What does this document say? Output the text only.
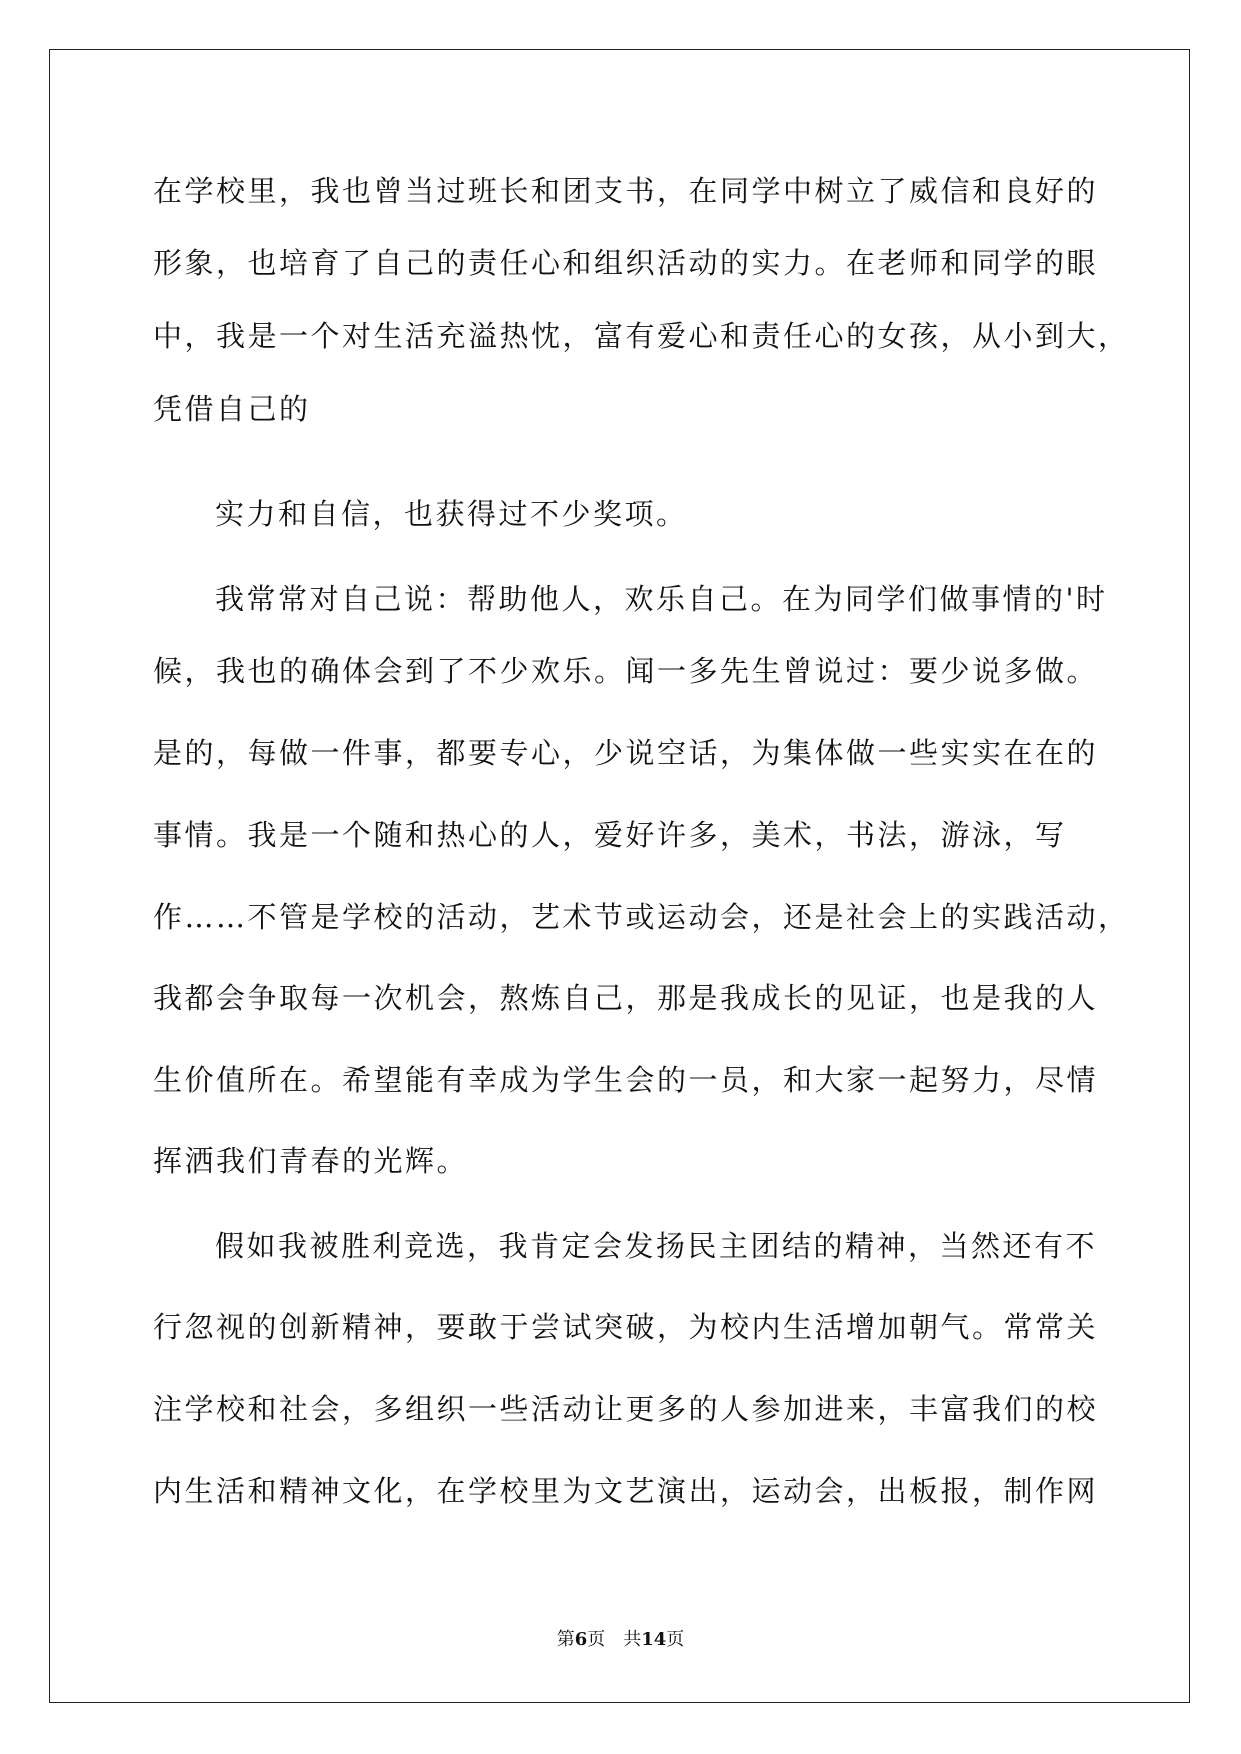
在学校里，我也曾当过班长和团支书，在同学中树立了威信和良好的
形象，也培育了自己的责任心和组织活动的实力。在老师和同学的眼
中，我是一个对生活充溢热忱，富有爱心和责任心的女孩，从小到大，
凭借自己的
实力和自信，也获得过不少奖项。
我常常对自己说：帮助他人，欢乐自己。在为同学们做事情的'时
候，我也的确体会到了不少欢乐。闻一多先生曾说过：要少说多做。
是的，每做一件事，都要专心，少说空话，为集体做一些实实在在的
事情。我是一个随和热心的人，爱好许多，美术，书法，游泳，写
作……不管是学校的活动，艺术节或运动会，还是社会上的实践活动，
我都会争取每一次机会，熬炼自己，那是我成长的见证，也是我的人
生价值所在。希望能有幸成为学生会的一员，和大家一起努力，尽情
挥洒我们青春的光辉。
假如我被胜利竞选，我肯定会发扬民主团结的精神，当然还有不
行忽视的创新精神，要敢于尝试突破，为校内生活增加朝气。常常关
注学校和社会，多组织一些活动让更多的人参加进来，丰富我们的校
内生活和精神文化，在学校里为文艺演出，运动会，出板报，制作网
第6页 共14页
